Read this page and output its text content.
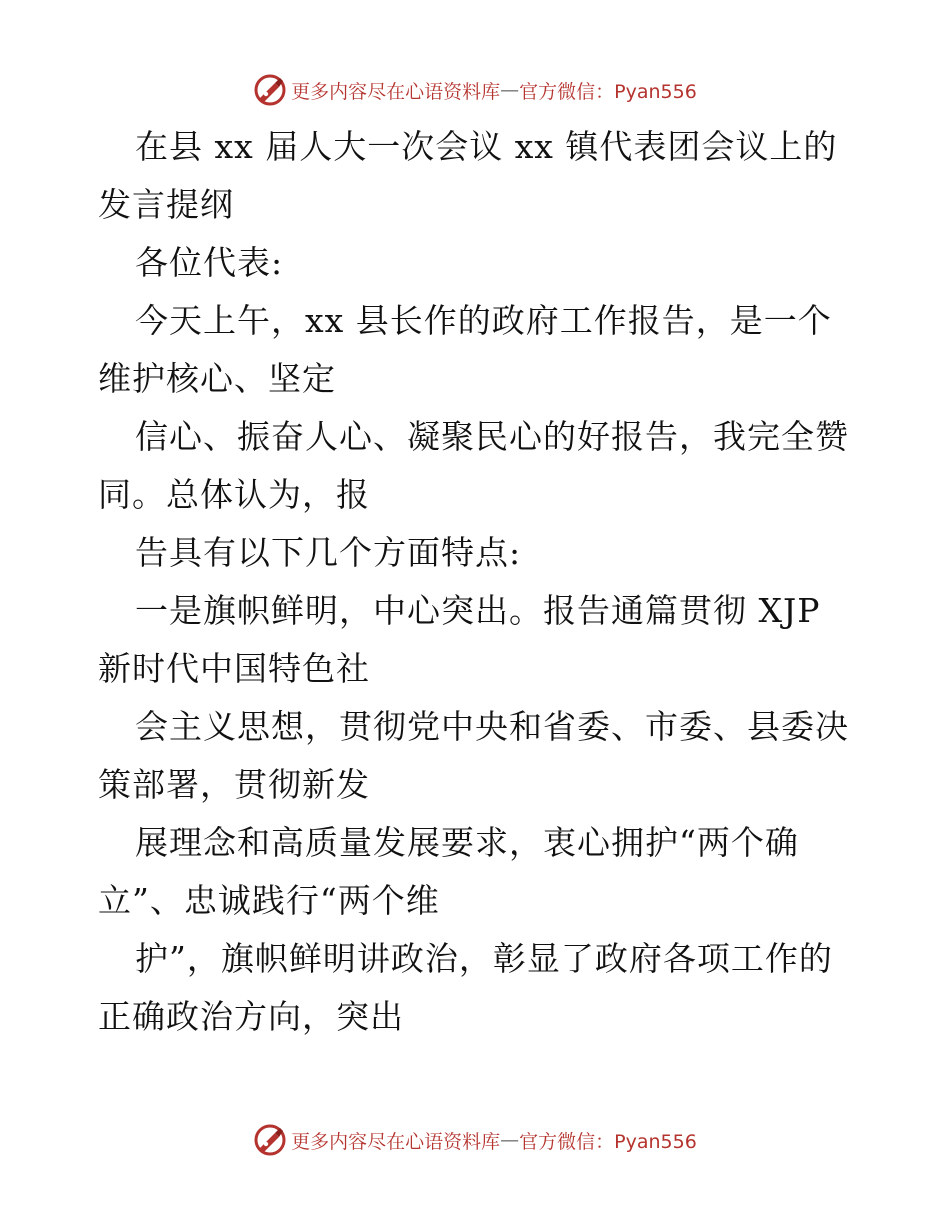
更多内容尽在心语资料库 — 官方微信：Pyan556
在县 xx 届人大一次会议 xx 镇代表团会议上的
发言提纲
各位代表:
今天上午，xx 县长作的政府工作报告，是一个
维护核心、坚定
信心、振奋人心、凝聚民心的好报告，我完全赞
同。总体认为，报
告具有以下几个方面特点:
一是旗帜鲜明，中心突出。报告通篇贯彻 XJP
新时代中国特色社
会主义思想，贯彻党中央和省委、市委、县委决
策部署，贯彻新发
展理念和高质量发展要求，衷心拥护“两个确
立”、忠诚践行“两个维
护”，旗帜鲜明讲政治，彰显了政府各项工作的
正确政治方向，突出
更多内容尽在心语资料库 — 官方微信：Pyan556
